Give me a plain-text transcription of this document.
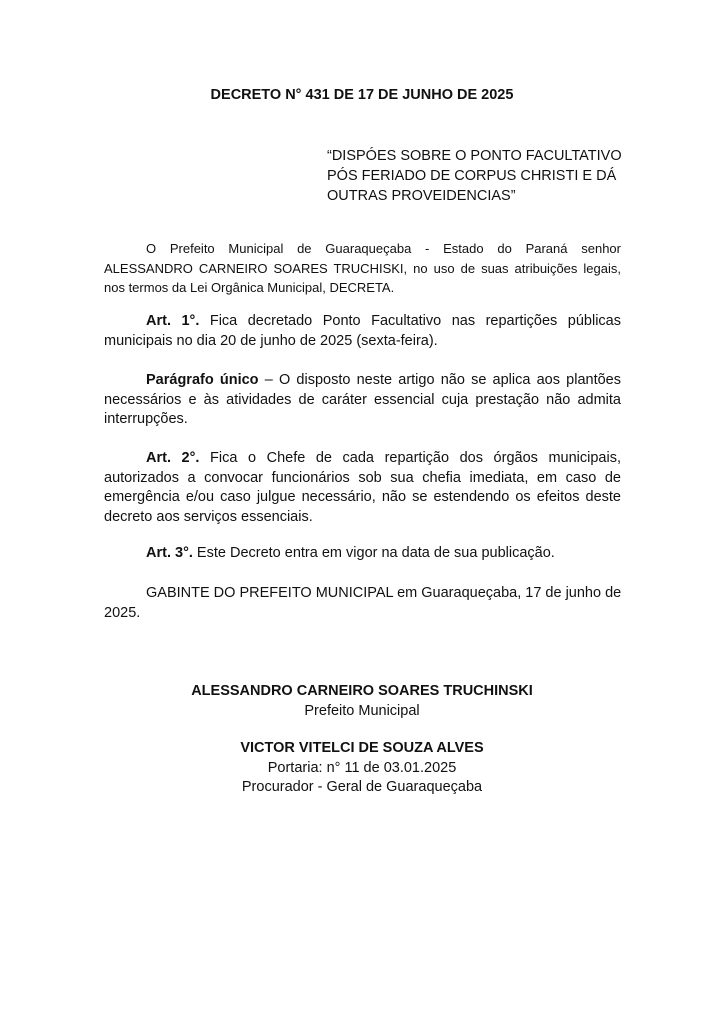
DECRETO N° 431 DE 17 DE JUNHO DE 2025
“DISPÓES SOBRE O PONTO FACULTATIVO
PÓS FERIADO DE CORPUS CHRISTI E DÁ
OUTRAS PROVEIDENCIAS”
O Prefeito Municipal de Guaraqueçaba - Estado do Paraná senhor
ALESSANDRO CARNEIRO SOARES TRUCHISKI, no uso de suas atribuições legais,
nos termos da Lei Orgânica Municipal, DECRETA.
Art. 1°. Fica decretado Ponto Facultativo nas repartições públicas
municipais no dia 20 de junho de 2025 (sexta-feira).
Parágrafo único – O disposto neste artigo não se aplica aos plantões
necessários e às atividades de caráter essencial cuja prestação não admita
interrupções.
Art. 2°. Fica o Chefe de cada repartição dos órgãos municipais,
autorizados a convocar funcionários sob sua chefia imediata, em caso de
emergência e/ou caso julgue necessário, não se estendendo os efeitos deste
decreto aos serviços essenciais.
Art. 3°. Este Decreto entra em vigor na data de sua publicação.
GABINTE DO PREFEITO MUNICIPAL em Guaraqueçaba, 17 de junho de
2025.
ALESSANDRO CARNEIRO SOARES TRUCHINSKI
Prefeito Municipal
VICTOR VITELCI DE SOUZA ALVES
Portaria: n° 11 de 03.01.2025
Procurador - Geral de Guaraqueçaba
